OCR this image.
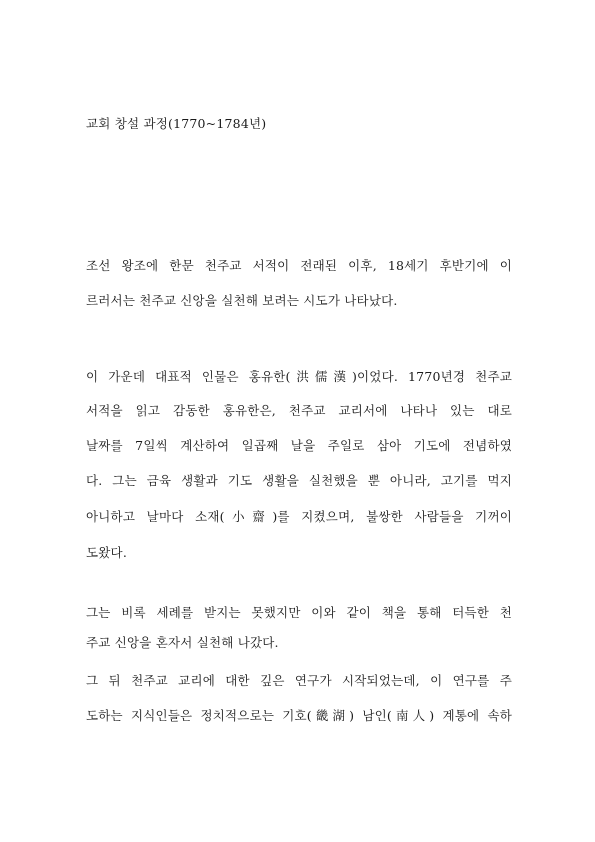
교회 창설 과정(1770~1784년)
조선 왕조에 한문 천주교 서적이 전래된 이후, 18세기 후반기에 이
르러서는 천주교 신앙을 실천해 보려는 시도가 나타났다.
이 가운데 대표적 인물은 홍유한(洪儒漢)이었다. 1770년경 천주교
서적을 읽고 감동한 홍유한은, 천주교 교리서에 나타나 있는 대로
날짜를 7일씩 계산하여 일곱째 날을 주일로 삼아 기도에 전념하였
다. 그는 금육 생활과 기도 생활을 실천했을 뿐 아니라, 고기를 먹지
아니하고 날마다 소재(小齋)를 지켰으며, 불쌍한 사람들을 기꺼이
도왔다.
그는 비록 세례를 받지는 못했지만 이와 같이 책을 통해 터득한 천
주교 신앙을 혼자서 실천해 나갔다.
그 뒤 천주교 교리에 대한 깊은 연구가 시작되었는데, 이 연구를 주
도하는 지식인들은 정치적으로는 기호(畿湖) 남인(南人) 계통에 속하
